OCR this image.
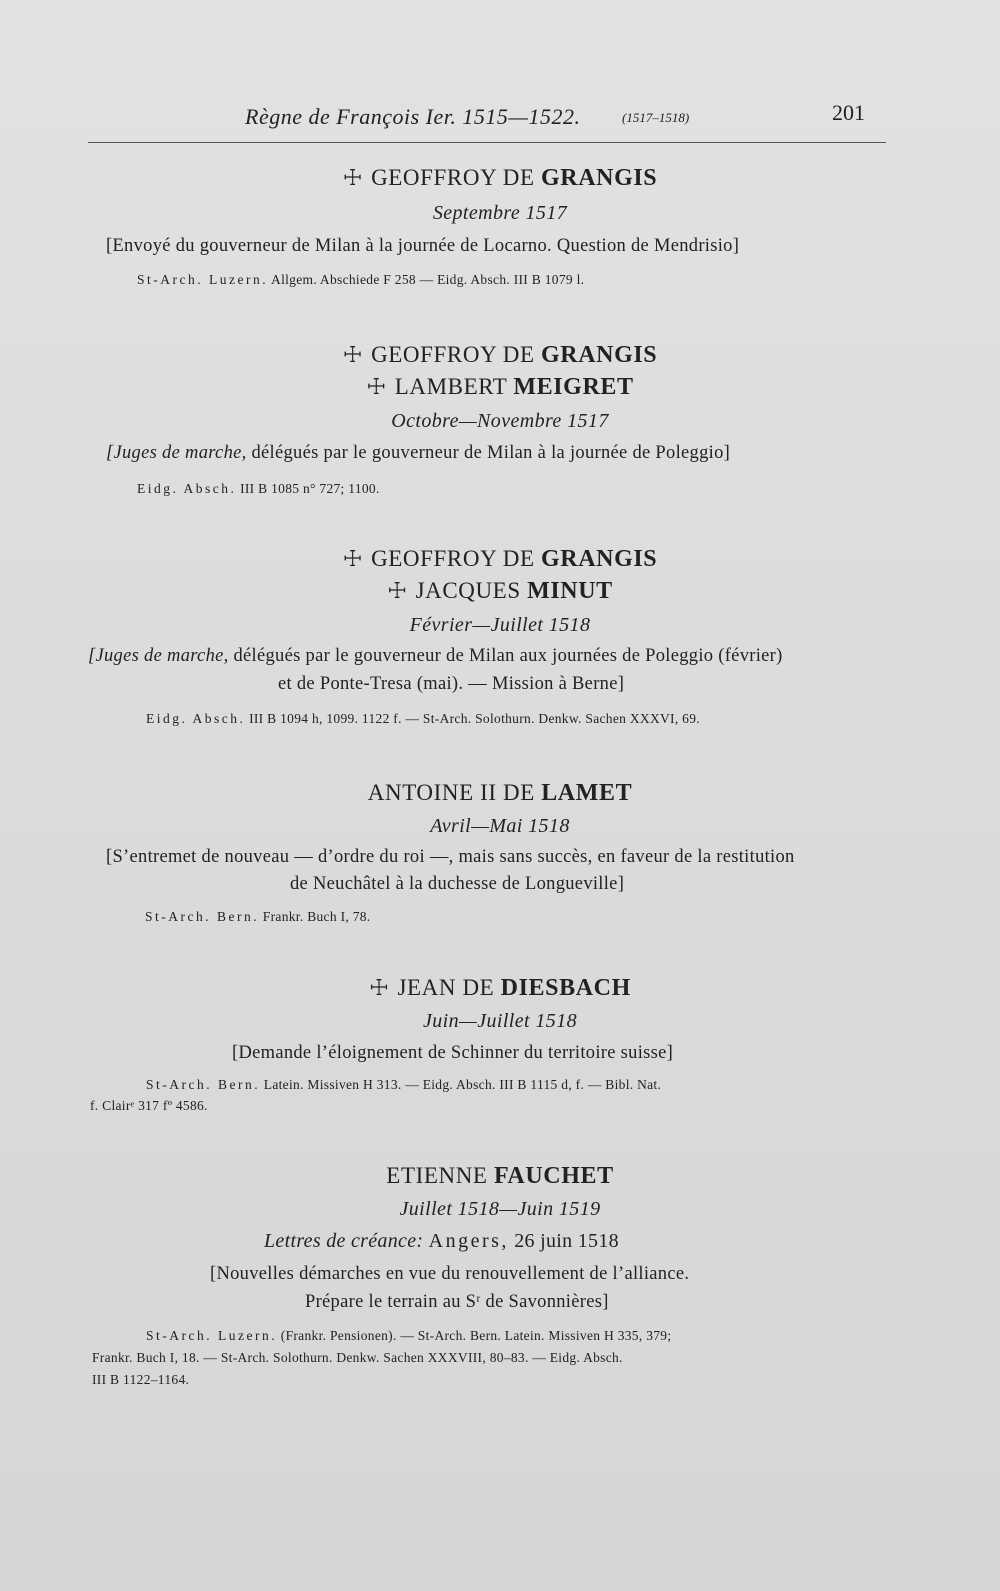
Règne de François Ier. 1515—1522.	(1517–1518)	201
☩ GEOFFROY DE GRANGIS
Septembre 1517
[Envoyé du gouverneur de Milan à la journée de Locarno. Question de Mendrisio]
St-Arch. Luzern. Allgem. Abschiede F 258 — Eidg. Absch. III B 1079 l.
☩ GEOFFROY DE GRANGIS
☩ LAMBERT MEIGRET
Octobre—Novembre 1517
[Juges de marche, délégués par le gouverneur de Milan à la journée de Poleggio]
Eidg. Absch. III B 1085 n° 727; 1100.
☩ GEOFFROY DE GRANGIS
☩ JACQUES MINUT
Février—Juillet 1518
[Juges de marche, délégués par le gouverneur de Milan aux journées de Poleggio (février)
et de Ponte-Tresa (mai). — Mission à Berne]
Eidg. Absch. III B 1094 h, 1099. 1122 f. — St-Arch. Solothurn. Denkw. Sachen XXXVI, 69.
ANTOINE II DE LAMET
Avril—Mai 1518
[S’entremet de nouveau — d’ordre du roi —, mais sans succès, en faveur de la restitution
de Neuchâtel à la duchesse de Longueville]
St-Arch. Bern. Frankr. Buch I, 78.
☩ JEAN DE DIESBACH
Juin—Juillet 1518
[Demande l’éloignement de Schinner du territoire suisse]
St-Arch. Bern. Latein. Missiven H 313. — Eidg. Absch. III B 1115 d, f. — Bibl. Nat.
f. Clairᵉ 317 fº 4586.
ETIENNE FAUCHET
Juillet 1518—Juin 1519
Lettres de créance: Angers, 26 juin 1518
[Nouvelles démarches en vue du renouvellement de l’alliance.
Prépare le terrain au Sʳ de Savonnières]
St-Arch. Luzern. (Frankr. Pensionen). — St-Arch. Bern. Latein. Missiven H 335, 379;
Frankr. Buch I, 18. — St-Arch. Solothurn. Denkw. Sachen XXXVIII, 80–83. — Eidg. Absch.
III B 1122–1164.
